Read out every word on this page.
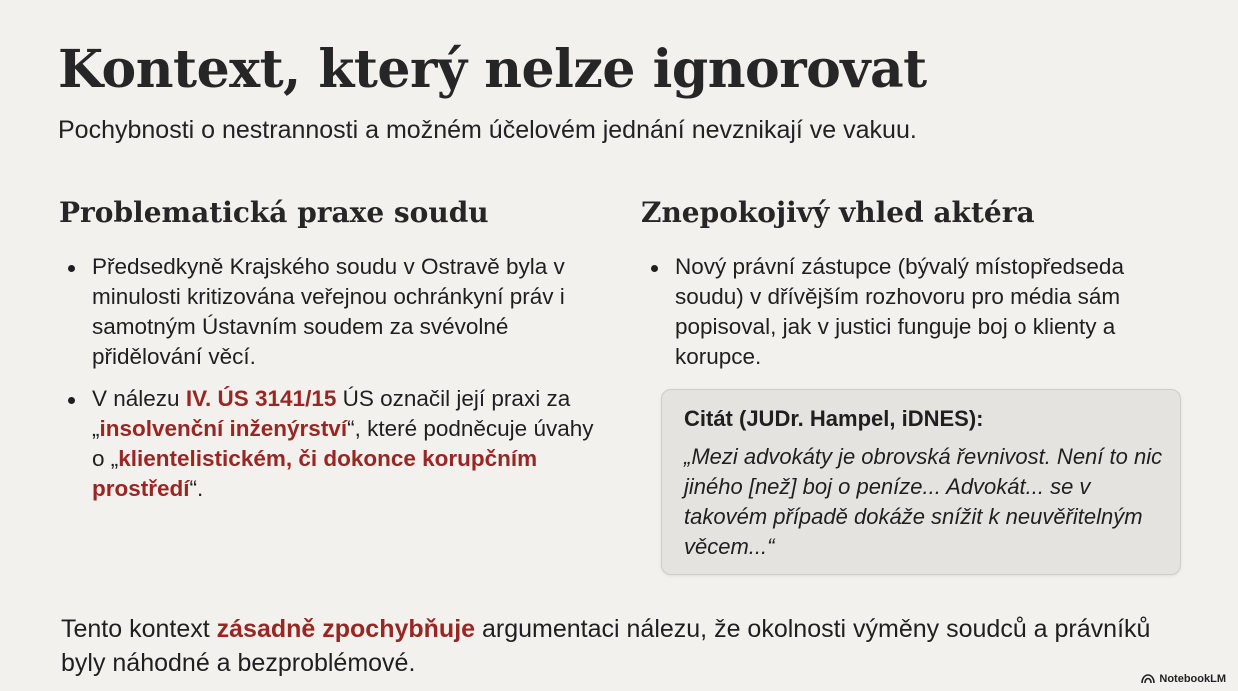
Kontext, který nelze ignorovat

Pochybnosti o nestrannosti a možném účelovém jednání nevznikají ve vakuu.

Problematická praxe soudu
Předsedkyně Krajského soudu v Ostravě byla v minulosti kritizována veřejnou ochránkyní práv i samotným Ústavním soudem za svévolné přidělování věcí.
V nálezu IV. ÚS 3141/15 ÚS označil její praxi za „insolvenční inženýrství“, které podněcuje úvahy o „klientelistickém, či dokonce korupčním prostředí“.
Znepokojivý vhled aktéra
Nový právní zástupce (bývalý místopředseda soudu) v dřívějším rozhovoru pro média sám popisoval, jak v justici funguje boj o klienty a korupce.

Citát (JUDr. Hampel, iDNES):

„Mezi advokáty je obrovská řevnivost. Není to nic jiného [než] boj o peníze... Advokát... se v takovém případě dokáže snížit k neuvěřitelným věcem...“

Tento kontext zásadně zpochybňuje argumentaci nálezu, že okolnosti výměny soudců a právníků byly náhodné a bezproblémové.

NotebookLM
